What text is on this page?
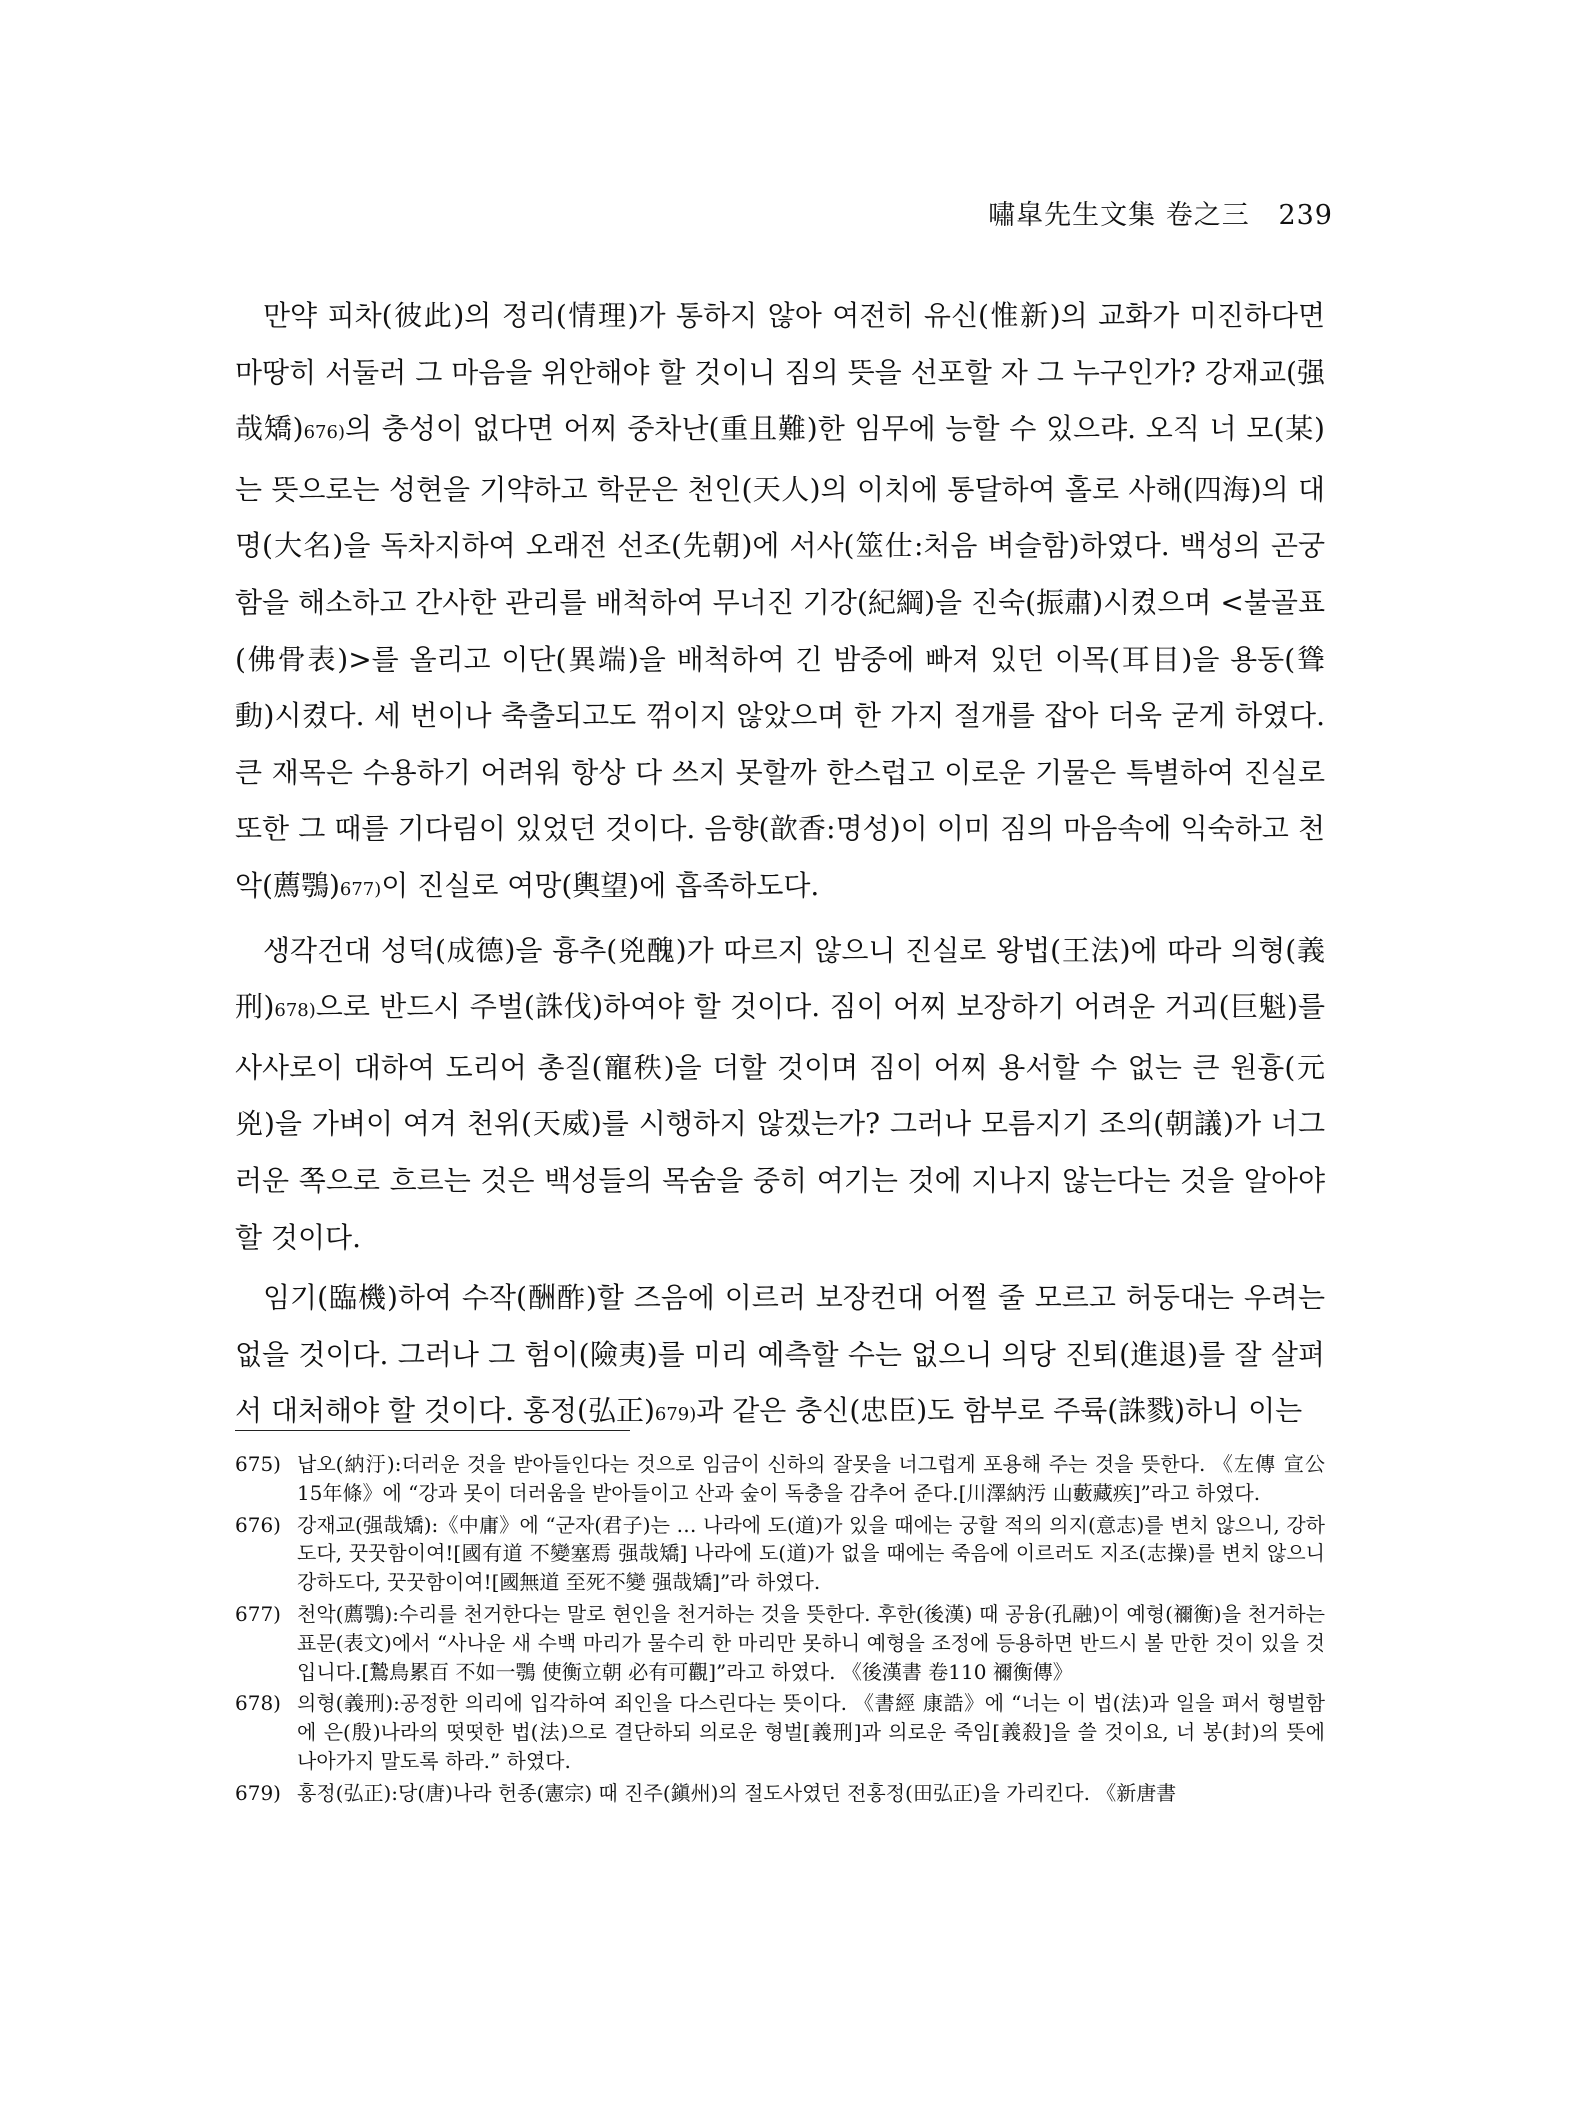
嘯皐先生文集 卷之三 239

만약 피차(彼此)의 정리(情理)가 통하지 않아 여전히 유신(惟新)의 교화가 미진하다면 마땅히 서둘러 그 마음을 위안해야 할 것이니 짐의 뜻을 선포할 자 그 누구인가? 강재교(强哉矯)676)의 충성이 없다면 어찌 중차난(重且難)한 임무에 능할 수 있으랴. 오직 너 모(某)는 뜻으로는 성현을 기약하고 학문은 천인(天人)의 이치에 통달하여 홀로 사해(四海)의 대명(大名)을 독차지하여 오래전 선조(先朝)에 서사(筮仕:처음 벼슬함)하였다. 백성의 곤궁함을 해소하고 간사한 관리를 배척하여 무너진 기강(紀綱)을 진숙(振肅)시켰으며 <불골표(佛骨表)>를 올리고 이단(異端)을 배척하여 긴 밤중에 빠져 있던 이목(耳目)을 용동(聳動)시켰다. 세 번이나 축출되고도 꺾이지 않았으며 한 가지 절개를 잡아 더욱 굳게 하였다. 큰 재목은 수용하기 어려워 항상 다 쓰지 못할까 한스럽고 이로운 기물은 특별하여 진실로 또한 그 때를 기다림이 있었던 것이다. 음향(歆香:명성)이 이미 짐의 마음속에 익숙하고 천악(薦鶚)677)이 진실로 여망(輿望)에 흡족하도다.

생각건대 성덕(成德)을 흉추(兇醜)가 따르지 않으니 진실로 왕법(王法)에 따라 의형(義刑)678)으로 반드시 주벌(誅伐)하여야 할 것이다. 짐이 어찌 보장하기 어려운 거괴(巨魁)를 사사로이 대하여 도리어 총질(寵秩)을 더할 것이며 짐이 어찌 용서할 수 없는 큰 원흉(元兇)을 가벼이 여겨 천위(天威)를 시행하지 않겠는가? 그러나 모름지기 조의(朝議)가 너그러운 쪽으로 흐르는 것은 백성들의 목숨을 중히 여기는 것에 지나지 않는다는 것을 알아야 할 것이다.

임기(臨機)하여 수작(酬酢)할 즈음에 이르러 보장컨대 어쩔 줄 모르고 허둥대는 우려는 없을 것이다. 그러나 그 험이(險夷)를 미리 예측할 수는 없으니 의당 진퇴(進退)를 잘 살펴서 대처해야 할 것이다. 홍정(弘正)679)과 같은 충신(忠臣)도 함부로 주륙(誅戮)하니 이는

675) 납오(納汙):더러운 것을 받아들인다는 것으로 임금이 신하의 잘못을 너그럽게 포용해 주는 것을 뜻한다. 《左傳 宣公 15年條》에 “강과 못이 더러움을 받아들이고 산과 숲이 독충을 감추어 준다.[川澤納汚 山藪藏疾]”라고 하였다.
676) 강재교(强哉矯):《中庸》에 “군자(君子)는 … 나라에 도(道)가 있을 때에는 궁할 적의 의지(意志)를 변치 않으니, 강하도다, 꿋꿋함이여![國有道 不變塞焉 强哉矯] 나라에 도(道)가 없을 때에는 죽음에 이르러도 지조(志操)를 변치 않으니 강하도다, 꿋꿋함이여![國無道 至死不變 强哉矯]”라 하였다.
677) 천악(薦鶚):수리를 천거한다는 말로 현인을 천거하는 것을 뜻한다. 후한(後漢) 때 공융(孔融)이 예형(禰衡)을 천거하는 표문(表文)에서 “사나운 새 수백 마리가 물수리 한 마리만 못하니 예형을 조정에 등용하면 반드시 볼 만한 것이 있을 것입니다.[鷙鳥累百 不如一鶚 使衡立朝 必有可觀]”라고 하였다. 《後漢書 卷110 禰衡傳》
678) 의형(義刑):공정한 의리에 입각하여 죄인을 다스린다는 뜻이다. 《書經 康誥》에 “너는 이 법(法)과 일을 펴서 형벌함에 은(殷)나라의 떳떳한 법(法)으로 결단하되 의로운 형벌[義刑]과 의로운 죽임[義殺]을 쓸 것이요, 너 봉(封)의 뜻에 나아가지 말도록 하라.” 하였다.
679) 홍정(弘正):당(唐)나라 헌종(憲宗) 때 진주(鎭州)의 절도사였던 전홍정(田弘正)을 가리킨다. 《新唐書
